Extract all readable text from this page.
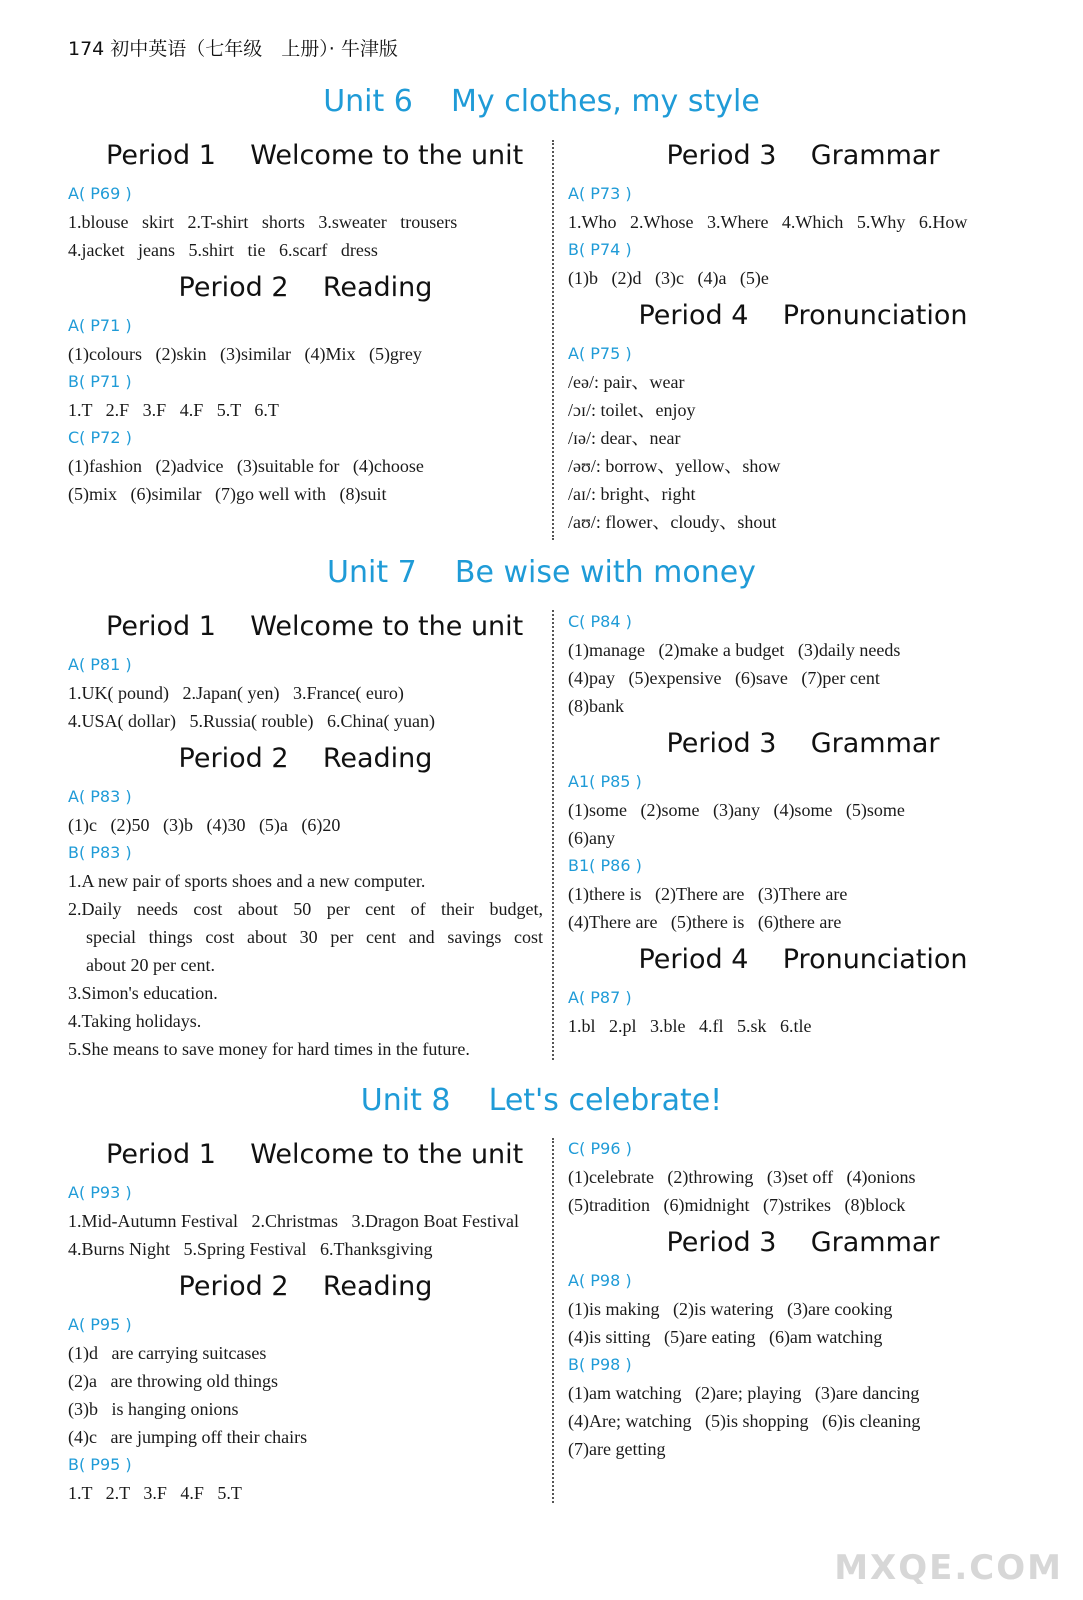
174 初中英语（七年级　上册）· 牛津版
Unit 6    My clothes, my style
Unit 7    Be wise with money
Unit 8    Let's celebrate!
Period 1    Welcome to the unit
A( P69 )
1.blouse   skirt   2.T-shirt   shorts   3.sweater   trousers
4.jacket   jeans   5.shirt   tie   6.scarf   dress
Period 2    Reading
A( P71 )
(1)colours   (2)skin   (3)similar   (4)Mix   (5)grey
B( P71 )
1.T   2.F   3.F   4.F   5.T   6.T
C( P72 )
(1)fashion   (2)advice   (3)suitable for   (4)choose
(5)mix   (6)similar   (7)go well with   (8)suit
Period 3    Grammar
A( P73 )
1.Who   2.Whose   3.Where   4.Which   5.Why   6.How
B( P74 )
(1)b   (2)d   (3)c   (4)a   (5)e
Period 4    Pronunciation
A( P75 )
/eə/: pair、wear
/ɔɪ/: toilet、enjoy
/ɪə/: dear、near
/əʊ/: borrow、yellow、show
/aɪ/: bright、right
/aʊ/: flower、cloudy、shout
Period 1    Welcome to the unit
A( P81 )
1.UK( pound)   2.Japan( yen)   3.France( euro)
4.USA( dollar)   5.Russia( rouble)   6.China( yuan)
Period 2    Reading
A( P83 )
(1)c   (2)50   (3)b   (4)30   (5)a   (6)20
B( P83 )
1.A new pair of sports shoes and a new computer.
2.Daily needs cost about 50 per cent of their budget,
special things cost about 30 per cent and savings cost
about 20 per cent.
3.Simon's education.
4.Taking holidays.
5.She means to save money for hard times in the future.
C( P84 )
(1)manage   (2)make a budget   (3)daily needs
(4)pay   (5)expensive   (6)save   (7)per cent
(8)bank
Period 3    Grammar
A1( P85 )
(1)some   (2)some   (3)any   (4)some   (5)some
(6)any
B1( P86 )
(1)there is   (2)There are   (3)There are
(4)There are   (5)there is   (6)there are
Period 4    Pronunciation
A( P87 )
1.bl   2.pl   3.ble   4.fl   5.sk   6.tle
Period 1    Welcome to the unit
A( P93 )
1.Mid-Autumn Festival   2.Christmas   3.Dragon Boat Festival
4.Burns Night   5.Spring Festival   6.Thanksgiving
Period 2    Reading
A( P95 )
(1)d   are carrying suitcases
(2)a   are throwing old things
(3)b   is hanging onions
(4)c   are jumping off their chairs
B( P95 )
1.T   2.T   3.F   4.F   5.T
C( P96 )
(1)celebrate   (2)throwing   (3)set off   (4)onions
(5)tradition   (6)midnight   (7)strikes   (8)block
Period 3    Grammar
A( P98 )
(1)is making   (2)is watering   (3)are cooking
(4)is sitting   (5)are eating   (6)am watching
B( P98 )
(1)am watching   (2)are; playing   (3)are dancing
(4)Are; watching   (5)is shopping   (6)is cleaning
(7)are getting
MXQE.COM
